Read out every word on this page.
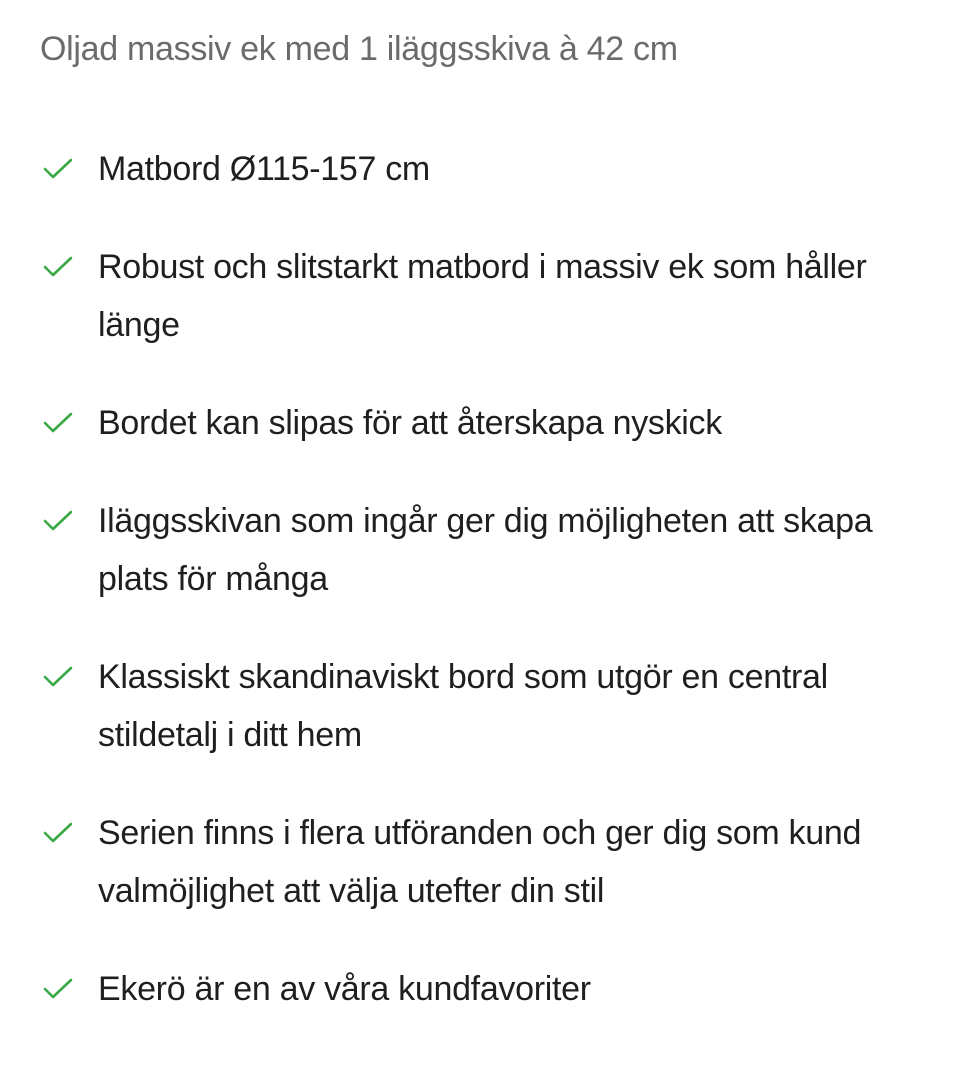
Oljad massiv ek med 1 iläggsskiva à 42 cm
Matbord Ø115-157 cm
Robust och slitstarkt matbord i massiv ek som håller länge
Bordet kan slipas för att återskapa nyskick
Iläggsskivan som ingår ger dig möjligheten att skapa plats för många
Klassiskt skandinaviskt bord som utgör en central stildetalj i ditt hem
Serien finns i flera utföranden och ger dig som kund valmöjlighet att välja utefter din stil
Ekerö är en av våra kundfavoriter
